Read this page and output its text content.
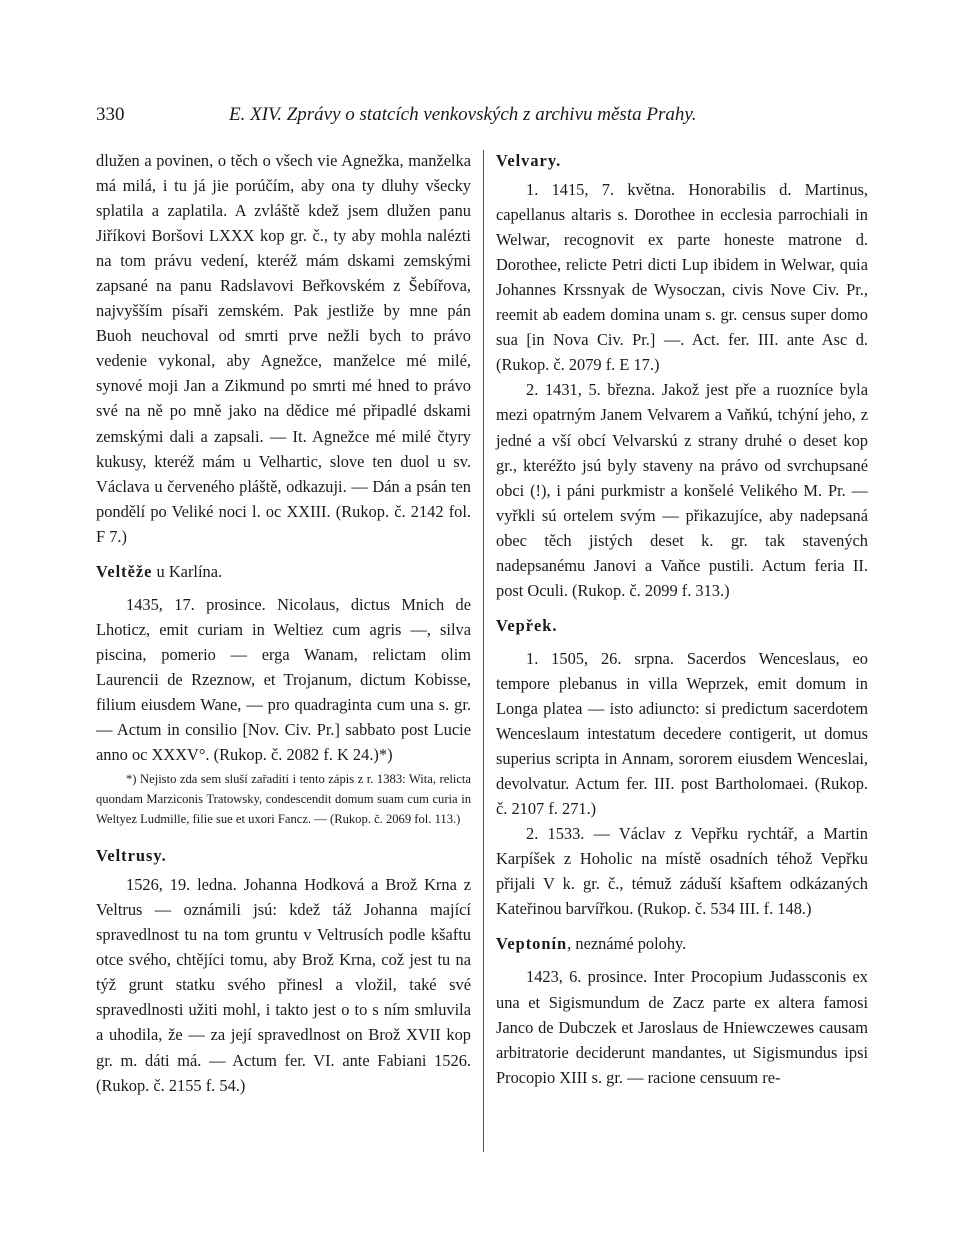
330	E. XIV. Zprávy o statcích venkovských z archivu města Prahy.

dlužen a povinen, o těch o všech vie Agnežka, manželka má milá, i tu já jie porúčím, aby ona ty dluhy všecky splatila a zaplatila. A zvláště kdež jsem dlužen panu Jiříkovi Boršovi LXXX kop gr. č., ty aby mohla nalézti na tom právu vedení, kteréž mám dskami zemskými zapsané na panu Radslavovi Beřkovském z Šebířova, najvyšším písaři zemském. Pak jestliže by mne pán Buoh neuchoval od smrti prve nežli bych to právo vedenie vykonal, aby Agnežce, manželce mé milé, synové moji Jan a Zikmund po smrti mé hned to právo své na ně po mně jako na dědice mé připadlé dskami zemskými dali a zapsali. — It. Agnežce mé milé čtyry kukusy, kteréž mám u Velhartic, slove ten duol u sv. Václava u červeného pláště, odkazuji. — Dán a psán ten pondělí po Veliké noci l. oc XXIII. (Rukop. č. 2142 fol. F 7.)

Veltěže u Karlína.

1435, 17. prosince. Nicolaus, dictus Mnich de Lhoticz, emit curiam in Weltiez cum agris —, silva piscina, pomerio — erga Wanam, relictam olim Laurencii de Rzeznow, et Trojanum, dictum Kobisse, filium eiusdem Wane, — pro quadraginta cum una s. gr. — Actum in consilio [Nov. Civ. Pr.] sabbato post Lucie anno oc XXXV°. (Rukop. č. 2082 f. K 24.)*)

*) Nejisto zda sem sluší zařaditi i tento zápis z r. 1383: Wita, relicta quondam Marziconis Tratowsky, condescendit domum suam cum curia in Weltyez Ludmille, filie sue et uxori Fancz. — (Rukop. č. 2069 fol. 113.)

Veltrusy.

1526, 19. ledna. Johanna Hodková a Brož Krna z Veltrus — oznámili jsú: kdež táž Johanna mající spravedlnost tu na tom gruntu v Veltrusích podle kšaftu otce svého, chtějíci tomu, aby Brož Krna, což jest tu na týž grunt statku svého přinesl a vložil, také své spravedlnosti užiti mohl, i takto jest o to s ním smluvila a uhodila, že — za její spravedlnost on Brož XVII kop gr. m. dáti má. — Actum fer. VI. ante Fabiani 1526. (Rukop. č. 2155 f. 54.)

Velvary.

1. 1415, 7. května. Honorabilis d. Martinus, capellanus altaris s. Dorothee in ecclesia parrochiali in Welwar, recognovit ex parte honeste matrone d. Dorothee, relicte Petri dicti Lup ibidem in Welwar, quia Johannes Krssnyak de Wysoczan, civis Nove Civ. Pr., reemit ab eadem domina unam s. gr. census super domo sua [in Nova Civ. Pr.] —. Act. fer. III. ante Asc d. (Rukop. č. 2079 f. E 17.)

2. 1431, 5. března. Jakož jest pře a ruozníce byla mezi opatrným Janem Velvarem a Vaňkú, tchýní jeho, z jedné a vší obcí Velvarskú z strany druhé o deset kop gr., kteréžto jsú byly staveny na právo od svrchupsané obci (!), i páni purkmistr a konšelé Velikého M. Pr. — vyřkli sú ortelem svým — přikazujíce, aby nadepsaná obec těch jistých deset k. gr. tak stavených nadepsanému Janovi a Vaňce pustili. Actum feria II. post Oculi. (Rukop. č. 2099 f. 313.)

Vepřek.

1. 1505, 26. srpna. Sacerdos Wenceslaus, eo tempore plebanus in villa Weprzek, emit domum in Longa platea — isto adiuncto: si predictum sacerdotem Wenceslaum intestatum decedere contigerit, ut domus superius scripta in Annam, sororem eiusdem Wenceslai, devolvatur. Actum fer. III. post Bartholomaei. (Rukop. č. 2107 f. 271.)

2. 1533. — Václav z Vepřku rychtář, a Martin Karpíšek z Hoholic na místě osadních téhož Vepřku přijali V k. gr. č., témuž záduší kšaftem odkázaných Kateřinou barvířkou. (Rukop. č. 534 III. f. 148.)

Veptonín, neznámé polohy.

1423, 6. prosince. Inter Procopium Judassconis ex una et Sigismundum de Zacz parte ex altera famosi Janco de Dubczek et Jaroslaus de Hniewczewes causam arbitratorie deciderunt mandantes, ut Sigismundus ipsi Procopio XIII s. gr. — racione censuum re-
